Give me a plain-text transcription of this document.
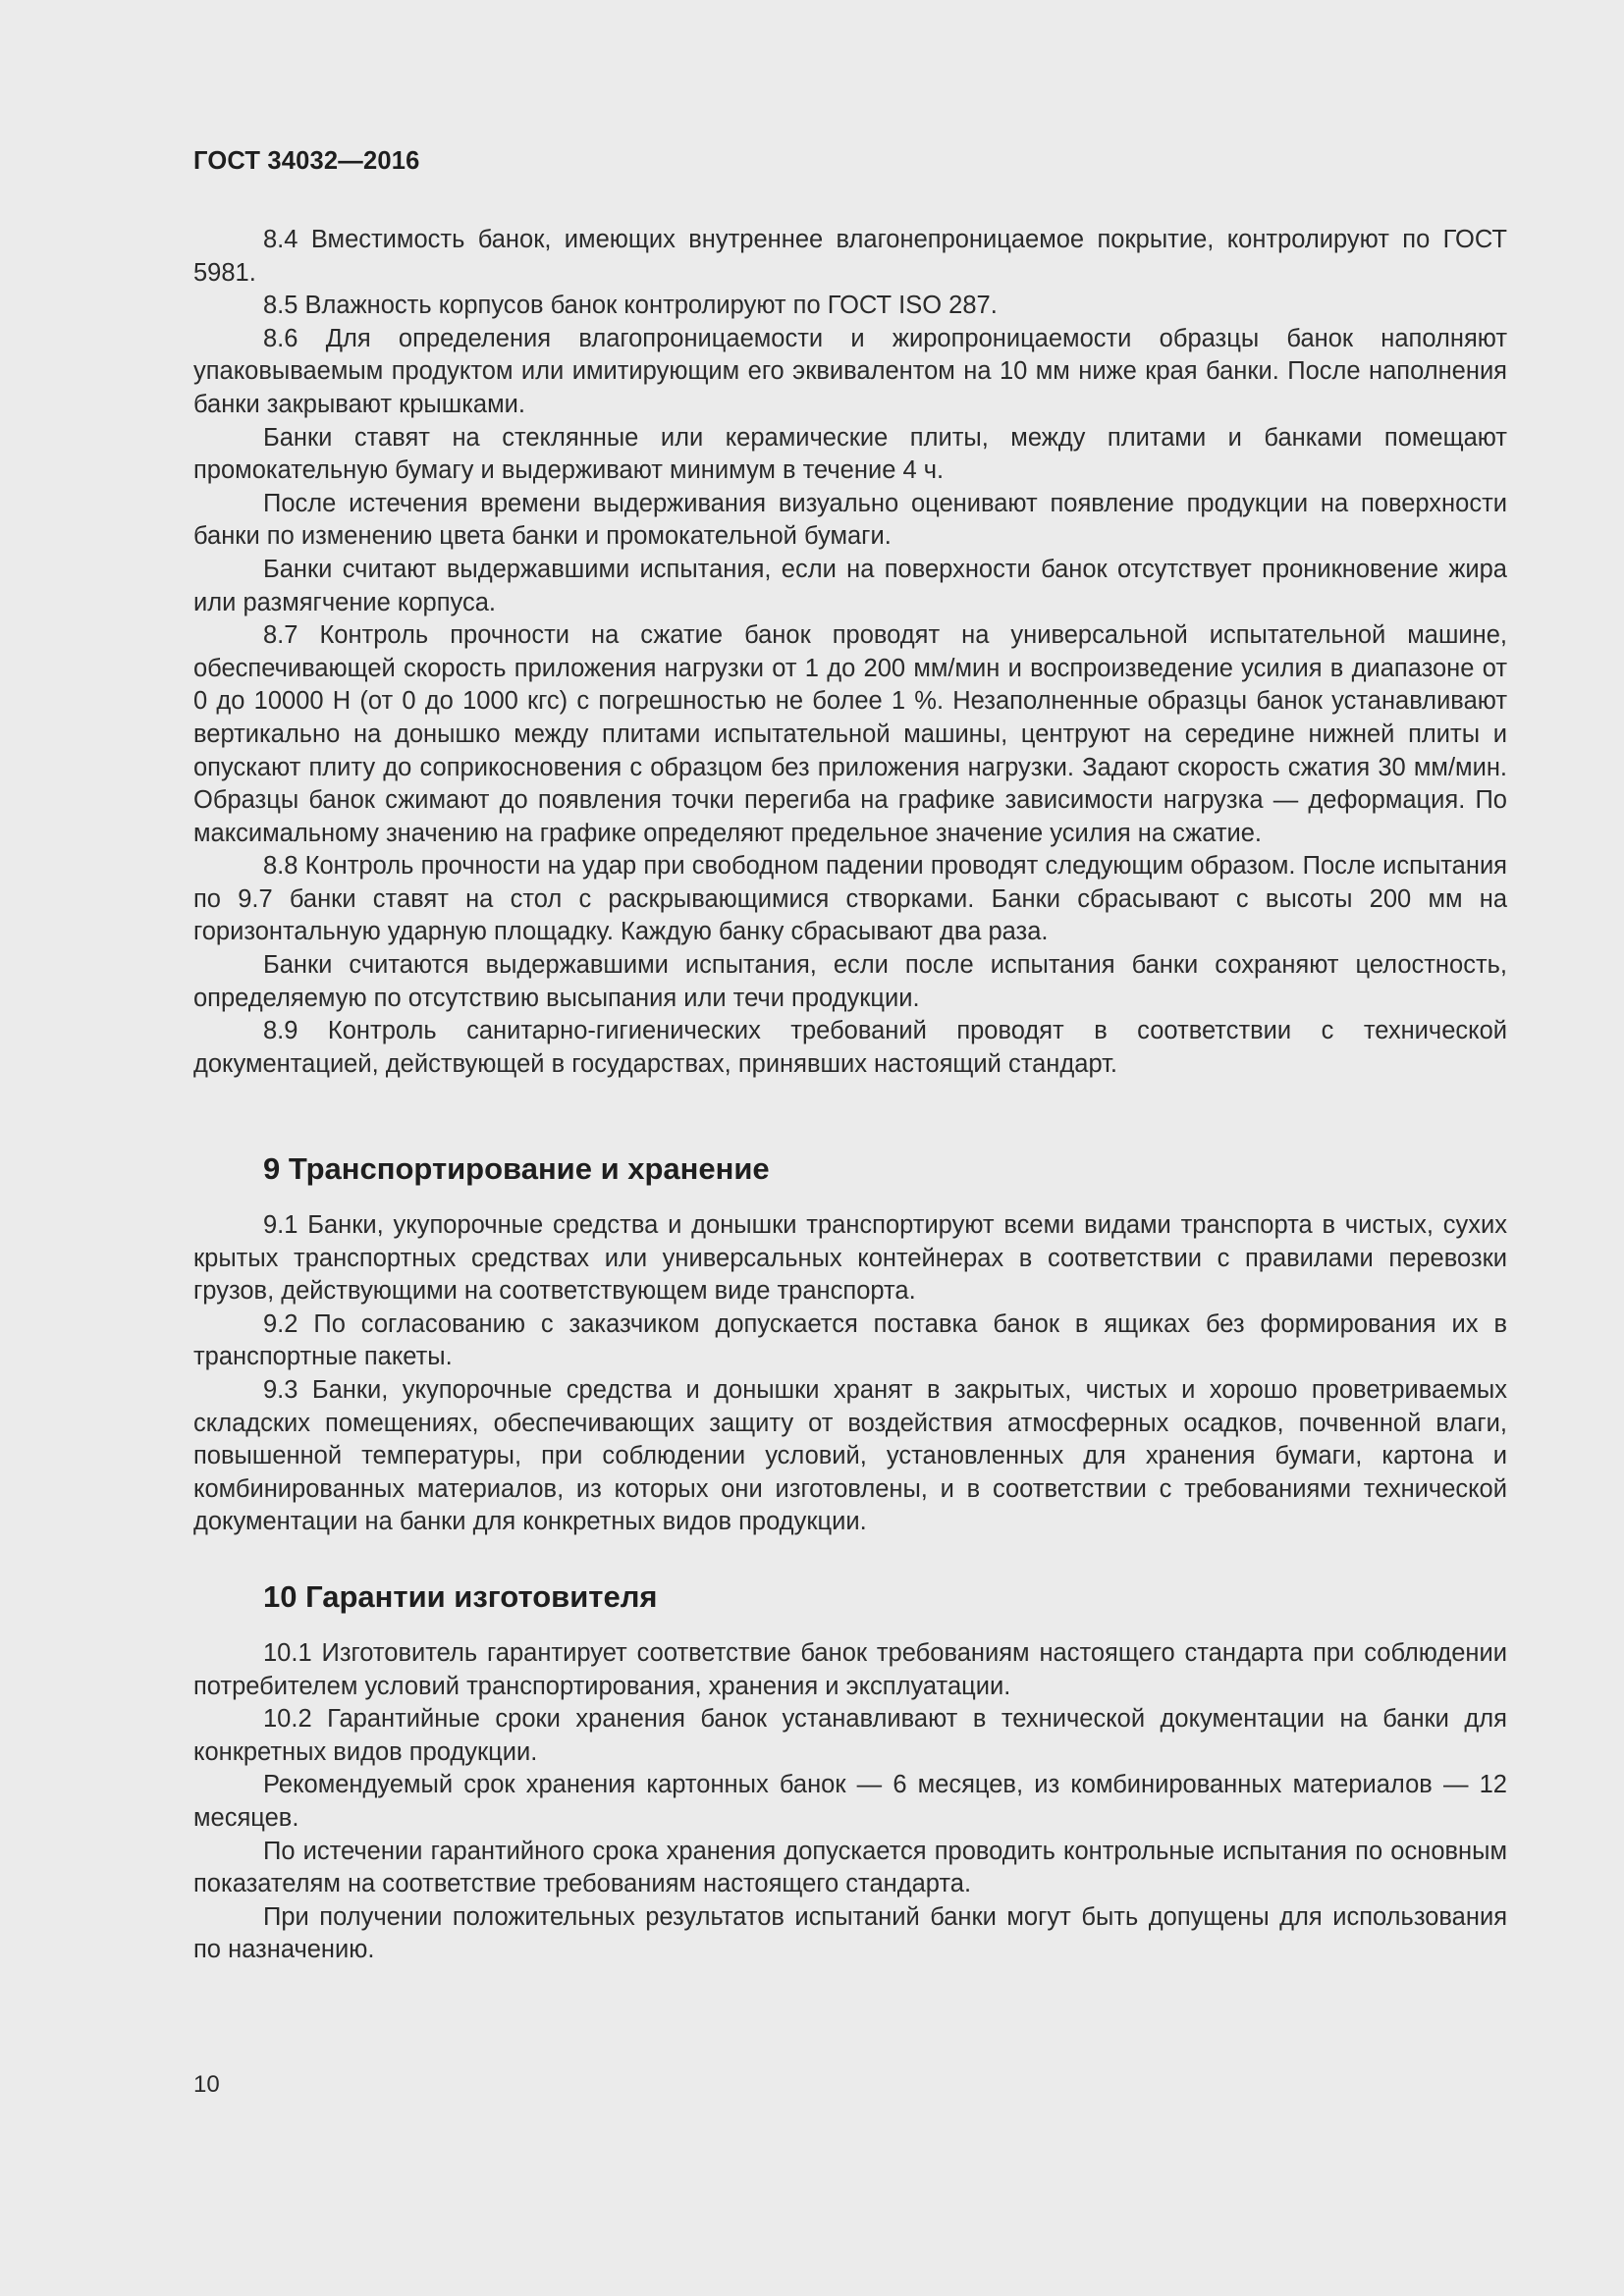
ГОСТ 34032—2016

8.4 Вместимость банок, имеющих внутреннее влагонепроницаемое покрытие, контролируют по ГОСТ 5981.

8.5 Влажность корпусов банок контролируют по ГОСТ ISO 287.

8.6 Для определения влагопроницаемости и жиропроницаемости образцы банок наполняют упаковываемым продуктом или имитирующим его эквивалентом на 10 мм ниже края банки. После наполнения банки закрывают крышками.

Банки ставят на стеклянные или керамические плиты, между плитами и банками помещают промокательную бумагу и выдерживают минимум в течение 4 ч.

После истечения времени выдерживания визуально оценивают появление продукции на поверхности банки по изменению цвета банки и промокательной бумаги.

Банки считают выдержавшими испытания, если на поверхности банок отсутствует проникновение жира или размягчение корпуса.

8.7 Контроль прочности на сжатие банок проводят на универсальной испытательной машине, обеспечивающей скорость приложения нагрузки от 1 до 200 мм/мин и воспроизведение усилия в диапазоне от 0 до 10000 Н (от 0 до 1000 кгс) с погрешностью не более 1 %. Незаполненные образцы банок устанавливают вертикально на донышко между плитами испытательной машины, центруют на середине нижней плиты и опускают плиту до соприкосновения с образцом без приложения нагрузки. Задают скорость сжатия 30 мм/мин. Образцы банок сжимают до появления точки перегиба на графике зависимости нагрузка — деформация. По максимальному значению на графике определяют предельное значение усилия на сжатие.

8.8 Контроль прочности на удар при свободном падении проводят следующим образом. После испытания по 9.7 банки ставят на стол с раскрывающимися створками. Банки сбрасывают с высоты 200 мм на горизонтальную ударную площадку. Каждую банку сбрасывают два раза.

Банки считаются выдержавшими испытания, если после испытания банки сохраняют целостность, определяемую по отсутствию высыпания или течи продукции.

8.9 Контроль санитарно-гигиенических требований проводят в соответствии с технической документацией, действующей в государствах, принявших настоящий стандарт.

9 Транспортирование и хранение

9.1 Банки, укупорочные средства и донышки транспортируют всеми видами транспорта в чистых, сухих крытых транспортных средствах или универсальных контейнерах в соответствии с правилами перевозки грузов, действующими на соответствующем виде транспорта.

9.2 По согласованию с заказчиком допускается поставка банок в ящиках без формирования их в транспортные пакеты.

9.3 Банки, укупорочные средства и донышки хранят в закрытых, чистых и хорошо проветриваемых складских помещениях, обеспечивающих защиту от воздействия атмосферных осадков, почвенной влаги, повышенной температуры, при соблюдении условий, установленных для хранения бумаги, картона и комбинированных материалов, из которых они изготовлены, и в соответствии с требованиями технической документации на банки для конкретных видов продукции.

10 Гарантии изготовителя

10.1 Изготовитель гарантирует соответствие банок требованиям настоящего стандарта при соблюдении потребителем условий транспортирования, хранения и эксплуатации.

10.2 Гарантийные сроки хранения банок устанавливают в технической документации на банки для конкретных видов продукции.

Рекомендуемый срок хранения картонных банок — 6 месяцев, из комбинированных материалов — 12 месяцев.

По истечении гарантийного срока хранения допускается проводить контрольные испытания по основным показателям на соответствие требованиям настоящего стандарта.

При получении положительных результатов испытаний банки могут быть допущены для использования по назначению.

10
